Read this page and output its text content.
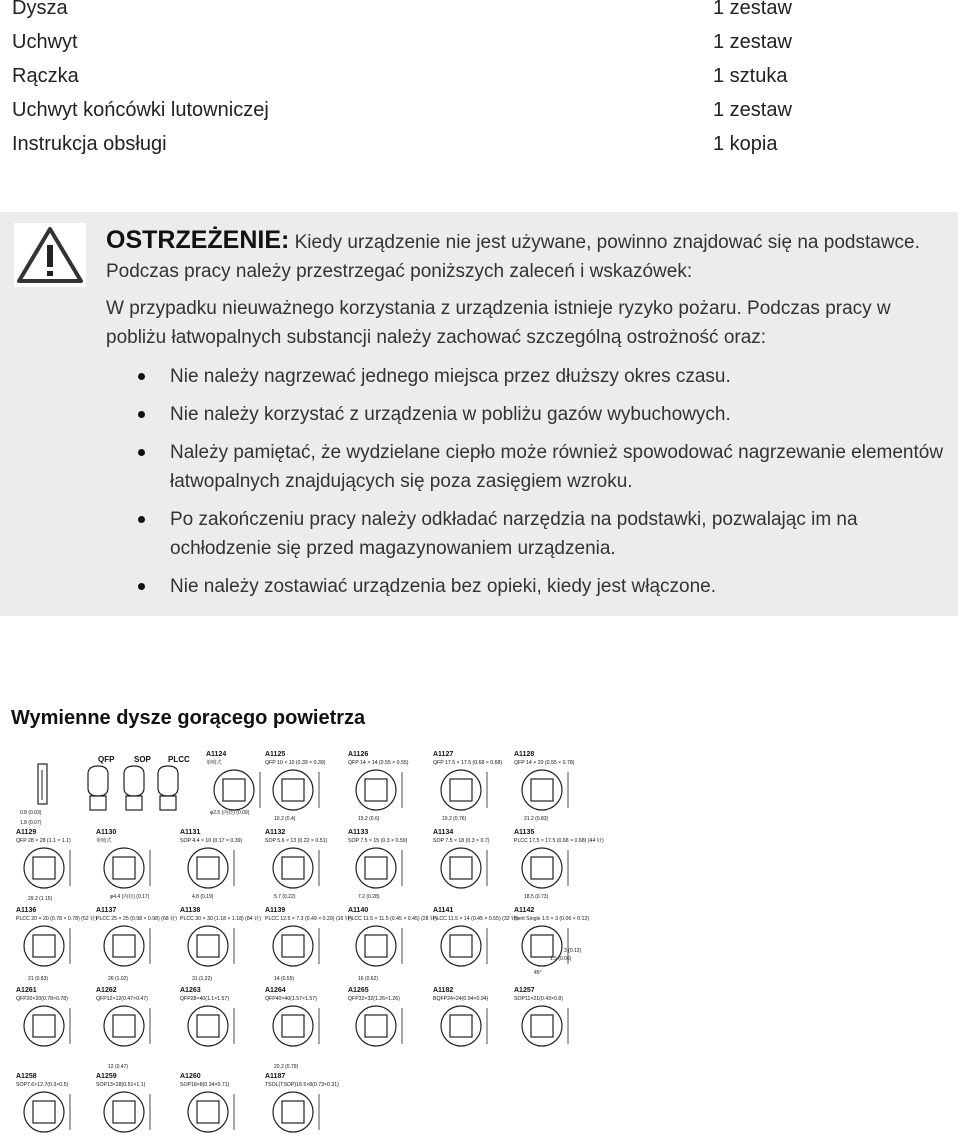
Dysza	1 zestaw
Uchwyt	1 zestaw
Rączka	1 sztuka
Uchwyt końcówki lutowniczej	1 zestaw
Instrukcja obsługi	1 kopia
OSTRZEŻENIE: Kiedy urządzenie nie jest używane, powinno znajdować się na podstawce. Podczas pracy należy przestrzegać poniższych zaleceń i wskazówek:
W przypadku nieuważnego korzystania z urządzenia istnieje ryzyko pożaru. Podczas pracy w pobliżu łatwopalnych substancji należy zachować szczególną ostrożność oraz:
Nie należy nagrzewać jednego miejsca przez dłuższy okres czasu.
Nie należy korzystać z urządzenia w pobliżu gazów wybuchowych.
Należy pamiętać, że wydzielane ciepło może również spowodować nagrzewanie elementów łatwopalnych znajdujących się poza zasięgiem wzroku.
Po zakończeniu pracy należy odkładać narzędzia na podstawki, pozwalając im na ochłodzenie się przed magazynowaniem urządzenia.
Nie należy zostawiać urządzenia bez opieki, kiedy jest włączone.
Wymienne dysze gorącego powietrza
QFP SOP PLCC
A1124
单喷式
A1125
QFP 10 × 10 (0.39 × 0.39)
A1126
QFP 14 × 14 (0.55 × 0.55)
A1127
QFP 17.5 × 17.5 (0.68 × 0.68)
A1128
QFP 14 × 20 (0.55 × 0.78)
A1129
QFP 28 × 28 (1.1 × 1.1)
A1130
单喷式
A1131
SOP 4.4 × 10 (0.17 × 0.39)
A1132
SOP 5.6 × 13 (0.22 × 0.51)
A1133
SOP 7.5 × 15 (0.3 × 0.59)
A1134
SOP 7.5 × 18 (0.3 × 0.7)
A1135
PLCC 17.5 × 17.5 (0.68 × 0.68) (44 针)
A1136
PLCC 20 × 20 (0.78 × 0.78) (52 针)
A1137
PLCC 25 × 25 (0.98 × 0.98) (68 针)
A1138
PLCC 30 × 30 (1.18 × 1.18) (84 针)
A1139
PLCC 12.5 × 7.3 (0.49 × 0.29) (16 针)
A1140
PLCC 11.5 × 11.5 (0.45 × 0.45) (28 针)
A1141
PLCC 11.5 × 14 (0.45 × 0.55) (32 针)
A1142
Bent Single 1.5 × 3 (0.06 × 0.12)
A1261
QFP20×20(0.78×0.78)
A1262
QFP12×12(0.47×0.47)
A1263
QFP28×40(1.1×1.57)
A1264
QFP40×40(1.57×1.57)
A1265
QFP32×32(1.26×1.26)
A1182
BQFP24×24(0.94×0.94)
A1257
SOP11×21(0.43×0.8)
A1258
SOP7.6×12.7(0.3×0.5)
A1259
SOP13×28(0.51×1.1)
A1260
SOP18×8(0.34×0.71)
A1187
TSOL(TSOP)18.5×8(0.73×0.31)
0.8 (0.03)
1.8 (0.07)
φ2.5 (内径) (0.09)
φ4.4 (内径) (0.17)
10.2 (0.4)	15.2 (0.6)	19.2 (0.76)	21.2 (0.83)
29.2 (1.15)	4.8 (0.19)	5.7 (0.22)	7.2 (0.28)	18.5 (0.73)
21 (0.83)	26 (1.02)	31 (1.22)	14 (0.55)
12 (0.47)
16 (0.62)
45°
1.5 (0.06)
3 (0.12)
20.2 (0.79)
